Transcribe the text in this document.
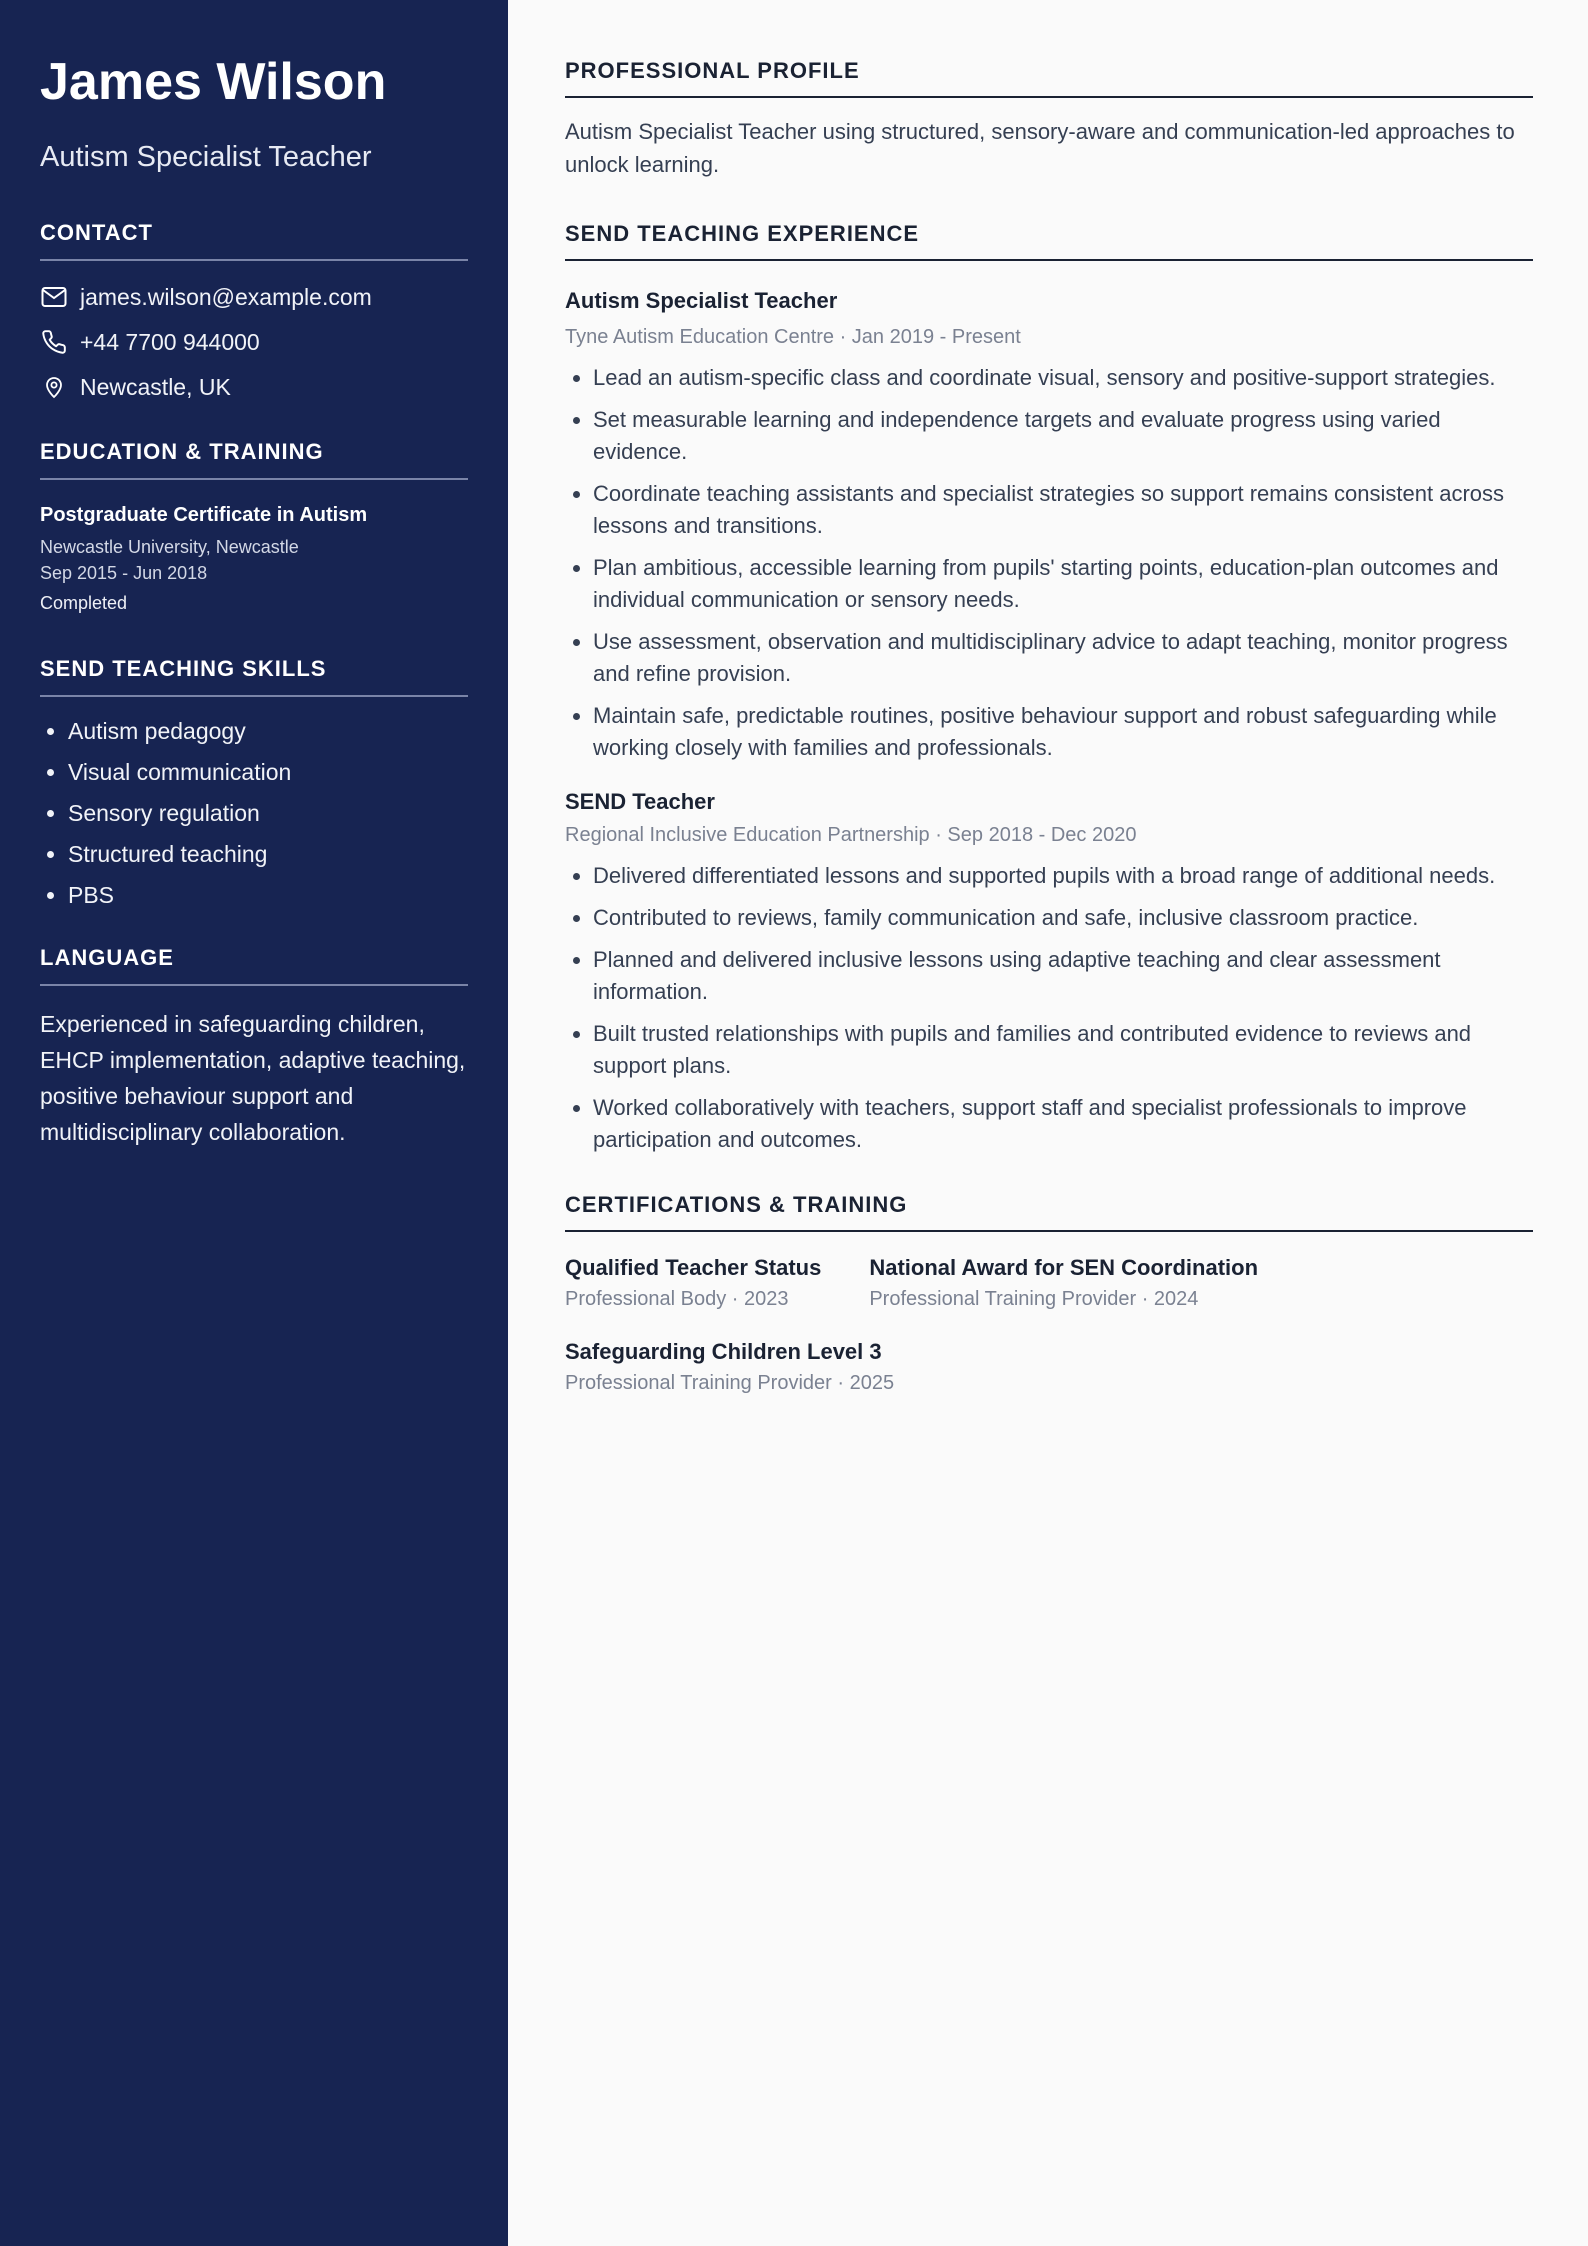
James Wilson
Autism Specialist Teacher
CONTACT
james.wilson@example.com
+44 7700 944000
Newcastle, UK
EDUCATION & TRAINING
Postgraduate Certificate in Autism
Newcastle University, Newcastle
Sep 2015 - Jun 2018
Completed
SEND TEACHING SKILLS
• Autism pedagogy
• Visual communication
• Sensory regulation
• Structured teaching
• PBS
LANGUAGE
Experienced in safeguarding children, EHCP implementation, adaptive teaching, positive behaviour support and multidisciplinary collaboration.
PROFESSIONAL PROFILE
Autism Specialist Teacher using structured, sensory-aware and communication-led approaches to unlock learning.
SEND TEACHING EXPERIENCE
Autism Specialist Teacher
Tyne Autism Education Centre · Jan 2019 - Present
• Lead an autism-specific class and coordinate visual, sensory and positive-support strategies.
• Set measurable learning and independence targets and evaluate progress using varied evidence.
• Coordinate teaching assistants and specialist strategies so support remains consistent across lessons and transitions.
• Plan ambitious, accessible learning from pupils' starting points, education-plan outcomes and individual communication or sensory needs.
• Use assessment, observation and multidisciplinary advice to adapt teaching, monitor progress and refine provision.
• Maintain safe, predictable routines, positive behaviour support and robust safeguarding while working closely with families and professionals.
SEND Teacher
Regional Inclusive Education Partnership · Sep 2018 - Dec 2020
• Delivered differentiated lessons and supported pupils with a broad range of additional needs.
• Contributed to reviews, family communication and safe, inclusive classroom practice.
• Planned and delivered inclusive lessons using adaptive teaching and clear assessment information.
• Built trusted relationships with pupils and families and contributed evidence to reviews and support plans.
• Worked collaboratively with teachers, support staff and specialist professionals to improve participation and outcomes.
CERTIFICATIONS & TRAINING
Qualified Teacher Status
Professional Body · 2023
National Award for SEN Coordination
Professional Training Provider · 2024
Safeguarding Children Level 3
Professional Training Provider · 2025
